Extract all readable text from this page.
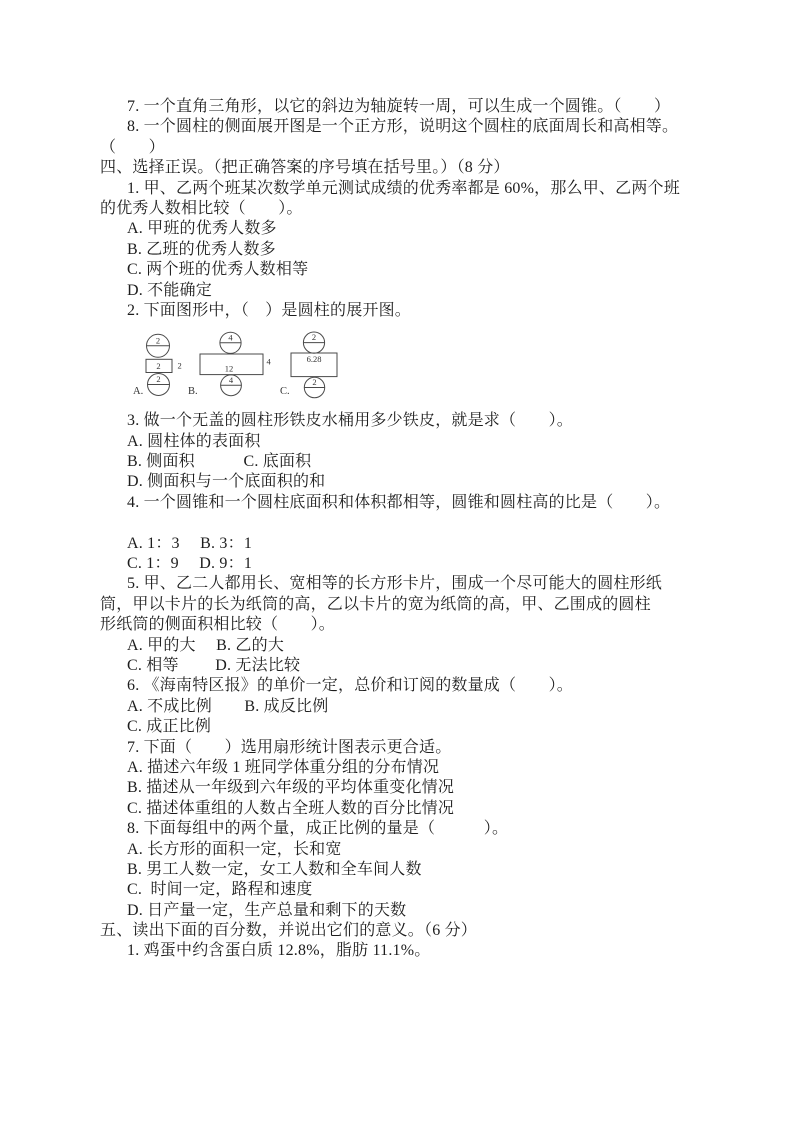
7. 一个直角三角形，以它的斜边为轴旋转一周，可以生成一个圆锥。（　　）
8. 一个圆柱的侧面展开图是一个正方形，说明这个圆柱的底面周长和高相等。
（　　）
四、选择正误。（把正确答案的序号填在括号里。）（8 分）
1. 甲、乙两个班某次数学单元测试成绩的优秀率都是 60%，那么甲、乙两个班
的优秀人数相比较（　　）。
A. 甲班的优秀人数多
B. 乙班的优秀人数多
C. 两个班的优秀人数相等
D. 不能确定
2. 下面图形中，（　）是圆柱的展开图。
2
2 2
2
A.
4
12
4
4
B.
2
6.28
2
C.
3. 做一个无盖的圆柱形铁皮水桶用多少铁皮，就是求（　　）。
A. 圆柱体的表面积
B. 侧面积　　　C. 底面积
D. 侧面积与一个底面积的和
4. 一个圆锥和一个圆柱底面积和体积都相等，圆锥和圆柱高的比是（　　）。
A. 1：3　 B. 3：1
C. 1：9　 D. 9：1
5. 甲、乙二人都用长、宽相等的长方形卡片，围成一个尽可能大的圆柱形纸
筒，甲以卡片的长为纸筒的高，乙以卡片的宽为纸筒的高，甲、乙围成的圆柱
形纸筒的侧面积相比较（　　）。
A. 甲的大　 B. 乙的大
C. 相等　　 D. 无法比较
6. 《海南特区报》的单价一定，总价和订阅的数量成（　　）。
A. 不成比例　　B. 成反比例
C. 成正比例
7. 下面（　　）选用扇形统计图表示更合适。
A. 描述六年级 1 班同学体重分组的分布情况
B. 描述从一年级到六年级的平均体重变化情况
C. 描述体重组的人数占全班人数的百分比情况
8. 下面每组中的两个量，成正比例的量是（　　　）。
A. 长方形的面积一定，长和宽
B. 男工人数一定，女工人数和全车间人数
C.  时间一定，路程和速度
D. 日产量一定，生产总量和剩下的天数
五、读出下面的百分数，并说出它们的意义。（6 分）
1. 鸡蛋中约含蛋白质 12.8%，脂肪 11.1%。
